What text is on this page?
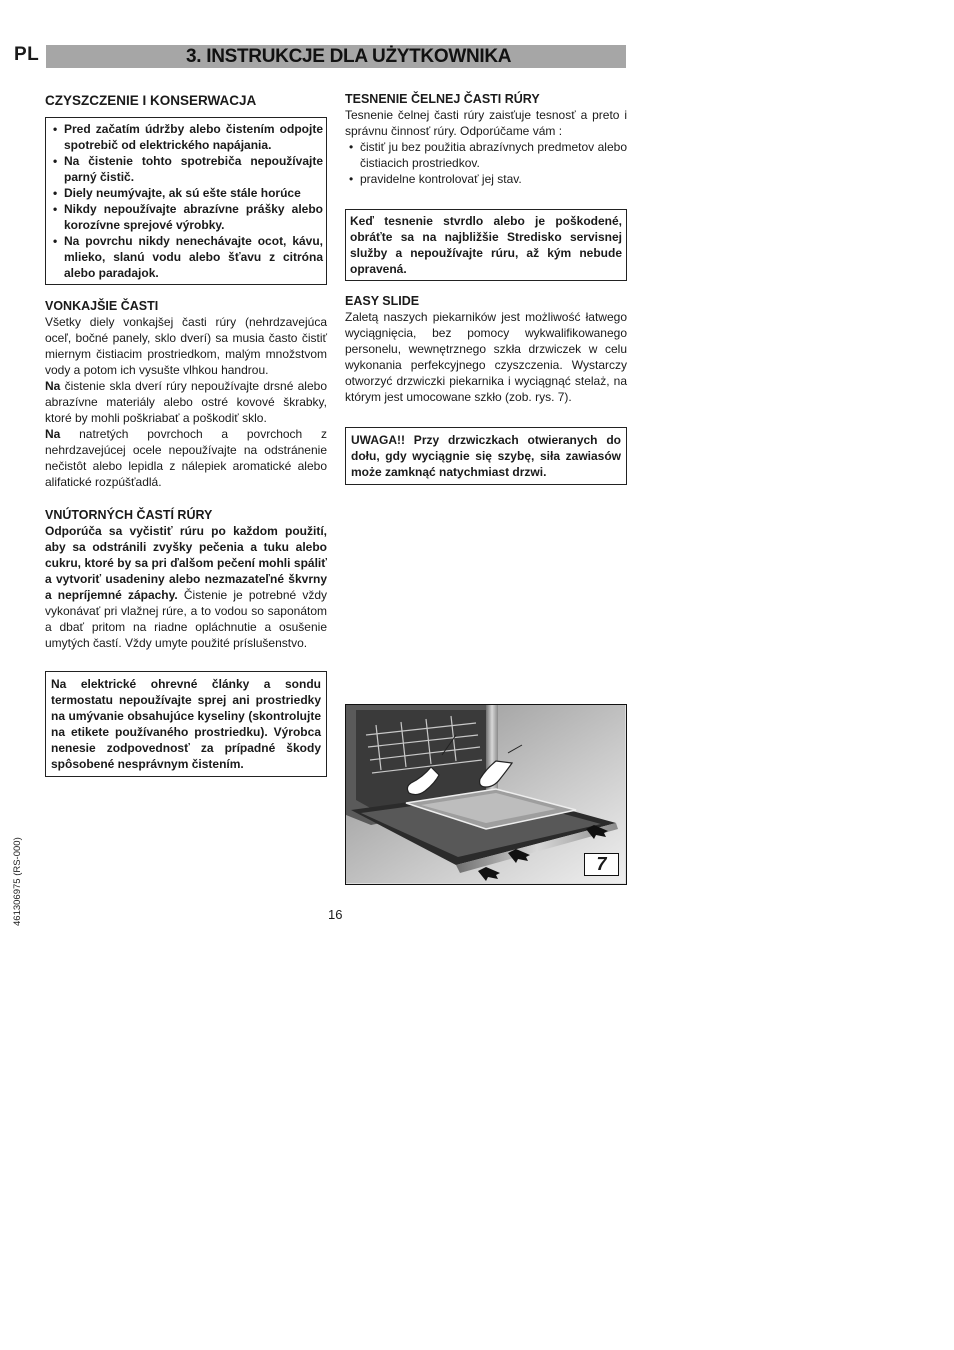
PL	3. INSTRUKCJE DLA UŻYTKOWNIKA
CZYSZCZENIE I KONSERWACJA
• Pred začatím údržby alebo čistením odpojte spotrebič od elektrického napájania.
• Na čistenie tohto spotrebiča nepoužívajte parný čistič.
• Diely neumývajte, ak sú ešte stále horúce
• Nikdy nepoužívajte abrazívne prášky alebo korozívne sprejové výrobky.
• Na povrchu nikdy nenechávajte ocot, kávu, mlieko, slanú vodu alebo šťavu z citróna alebo paradajok.
VONKAJŠIE ČASTI

Všetky diely vonkajšej časti rúry (nehrdzavejúca oceľ, bočné panely, sklo dverí) sa musia často čistiť miernym čistiacim prostriedkom, malým množstvom vody a potom ich vysušte vlhkou handrou.

Na čistenie skla dverí rúry nepoužívajte drsné alebo abrazívne materiály alebo ostré kovové škrabky, ktoré by mohli poškriabať a poškodiť sklo.

Na natretých povrchoch a povrchoch z nehrdzavejúcej ocele nepoužívajte na odstránenie nečistôt alebo lepidla z nálepiek aromatické alebo alifatické rozpúšťadlá.

VNÚTORNÝCH ČASTÍ RÚRY

Odporúča sa vyčistiť rúru po každom použití, aby sa odstránili zvyšky pečenia a tuku alebo cukru, ktoré by sa pri ďalšom pečení mohli spáliť a vytvoriť usadeniny alebo nezmazateľné škvrny a nepríjemné zápachy. Čistenie je potrebné vždy vykonávať pri vlažnej rúre, a to vodou so saponátom a dbať pritom na riadne opláchnutie a osušenie umytých častí. Vždy umyte použité príslušenstvo.

Na elektrické ohrevné články a sondu termostatu nepoužívajte sprej ani prostriedky na umývanie obsahujúce kyseliny (skontrolujte na etikete používaného prostriedku). Výrobca nenesie zodpovednosť za prípadné škody spôsobené nesprávnym čistením.
TESNENIE ČELNEJ ČASTI RÚRY

Tesnenie čelnej časti rúry zaisťuje tesnosť a preto i správnu činnosť rúry. Odporúčame vám :

• čistiť ju bez použitia abrazívnych predmetov alebo čistiacich prostriedkov.
• pravidelne kontrolovať jej stav.
Keď tesnenie stvrdlo alebo je poškodené, obráťte sa na najbližšie Stredisko servisnej služby a nepoužívajte rúru, až kým nebude opravená.
EASY SLIDE

Zaletą naszych piekarników jest możliwość łatwego wyciągnięcia, bez pomocy wykwalifikowanego personelu, wewnętrznego szkła drzwiczek w celu wykonania perfekcyjnego czyszczenia. Wystarczy otworzyć drzwiczki piekarnika i wyciągnąć stelaż, na którym jest umocowane szkło (zob. rys. 7).

UWAGA!! Przy drzwiczkach otwieranych do dołu, gdy wyciągnie się szybę, siła zawiasów może zamknąć natychmiast drzwi.
7
16
461306975 (RS-000)
